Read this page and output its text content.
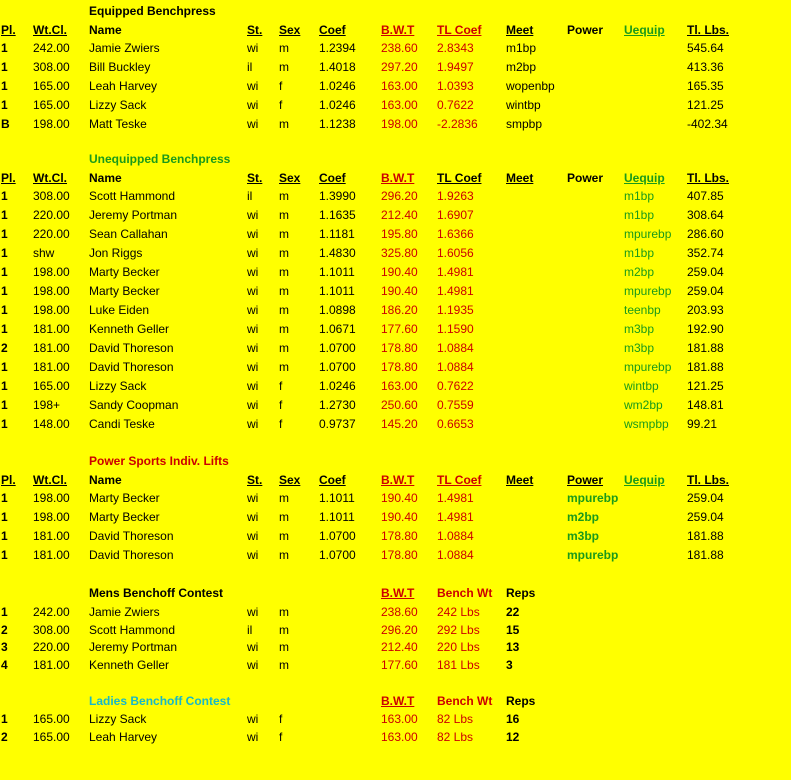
Equipped Benchpress
Pl. Wt.Cl. Name	St. Sex Coef	B.W.T TL Coef Meet	Power Uequip Tl. Lbs.
1 242.00 Jamie Zwiers	wi m	1.2394 238.60 2.8343	m1bp	545.64
1 308.00 Bill Buckley	il m	1.4018 297.20 1.9497	m2bp	413.36
1 165.00 Leah Harvey	wi f	1.0246 163.00 1.0393	wopenbp	165.35
1 165.00 Lizzy Sack	wi f	1.0246 163.00 0.7622	wintbp	121.25
B 198.00 Matt Teske	wi m	1.1238 198.00 -2.2836 smpbp	-402.34
Unequipped Benchpress
Pl. Wt.Cl. Name	St. Sex Coef	B.W.T TL Coef Meet	Power Uequip Tl. Lbs.
1 308.00 Scott Hammond	il m	1.3990 296.20 1.9263	m1bp	407.85
1 220.00 Jeremy Portman	wi m	1.1635 212.40 1.6907	m1bp	308.64
1 220.00 Sean Callahan	wi m	1.1181 195.80 1.6366	mpurebp 286.60
1 shw	Jon Riggs	wi m	1.4830 325.80 1.6056	m1bp	352.74
1 198.00 Marty Becker	wi m	1.1011 190.40 1.4981	m2bp	259.04
1 198.00 Marty Becker	wi m	1.1011 190.40 1.4981	mpurebp 259.04
1 198.00 Luke Eiden	wi m	1.0898 186.20 1.1935	teenbp 203.93
1 181.00 Kenneth Geller	wi m	1.0671 177.60 1.1590	m3bp	192.90
2 181.00 David Thoreson	wi m	1.0700 178.80 1.0884	m3bp	181.88
1 181.00 David Thoreson	wi m	1.0700 178.80 1.0884	mpurebp 181.88
1 165.00 Lizzy Sack	wi f	1.0246 163.00 0.7622	wintbp 121.25
1 198+ Sandy Coopman	wi f	1.2730 250.60 0.7559	wm2bp 148.81
1 148.00 Candi Teske	wi f	0.9737 145.20 0.6653	wsmpbp 99.21
Power Sports Indiv. Lifts
Pl. Wt.Cl. Name	St. Sex Coef	B.W.T TL Coef Meet	Power Uequip Tl. Lbs.
1 198.00 Marty Becker	wi m	1.1011 190.40 1.4981	mpurebp	259.04
1 198.00 Marty Becker	wi m	1.1011 190.40 1.4981	m2bp	259.04
1 181.00 David Thoreson	wi m	1.0700 178.80 1.0884	m3bp	181.88
1 181.00 David Thoreson	wi m	1.0700 178.80 1.0884	mpurebp	181.88
Mens Benchoff Contest	B.W.T Bench Wt Reps
1 242.00 Jamie Zwiers	wi m	238.60 242 Lbs 22
2 308.00 Scott Hammond	il m	296.20 292 Lbs 15
3 220.00 Jeremy Portman	wi m	212.40 220 Lbs 13
4 181.00 Kenneth Geller	wi m	177.60 181 Lbs 3
Ladies Benchoff Contest	B.W.T Bench Wt Reps
1 165.00 Lizzy Sack	wi f	163.00 82 Lbs	16
2 165.00 Leah Harvey	wi f	163.00 82 Lbs	12
